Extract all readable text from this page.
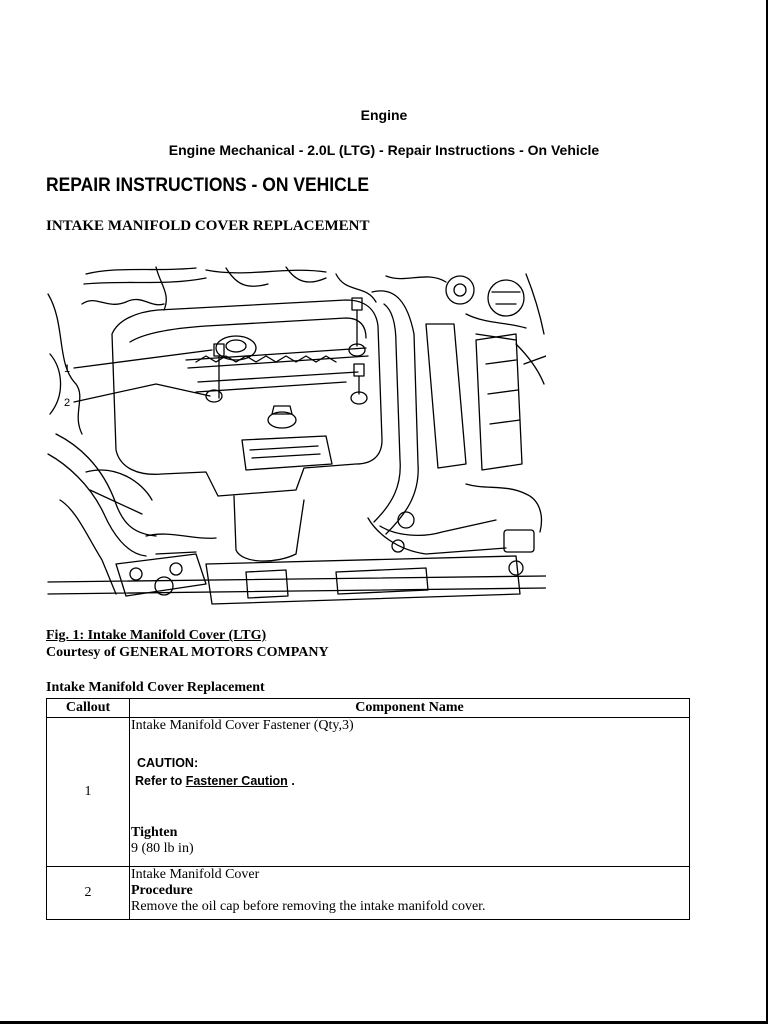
Engine
Engine Mechanical - 2.0L (LTG) - Repair Instructions - On Vehicle
REPAIR INSTRUCTIONS - ON VEHICLE
INTAKE MANIFOLD COVER REPLACEMENT
1
2
Fig. 1: Intake Manifold Cover (LTG)
Courtesy of GENERAL MOTORS COMPANY
Intake Manifold Cover Replacement
Callout	Component Name
1	Intake Manifold Cover Fastener (Qty,3)
CAUTION:
Refer to Fastener Caution .
Tighten
9 (80 lb in)

2	Intake Manifold Cover
Procedure
Remove the oil cap before removing the intake manifold cover.
